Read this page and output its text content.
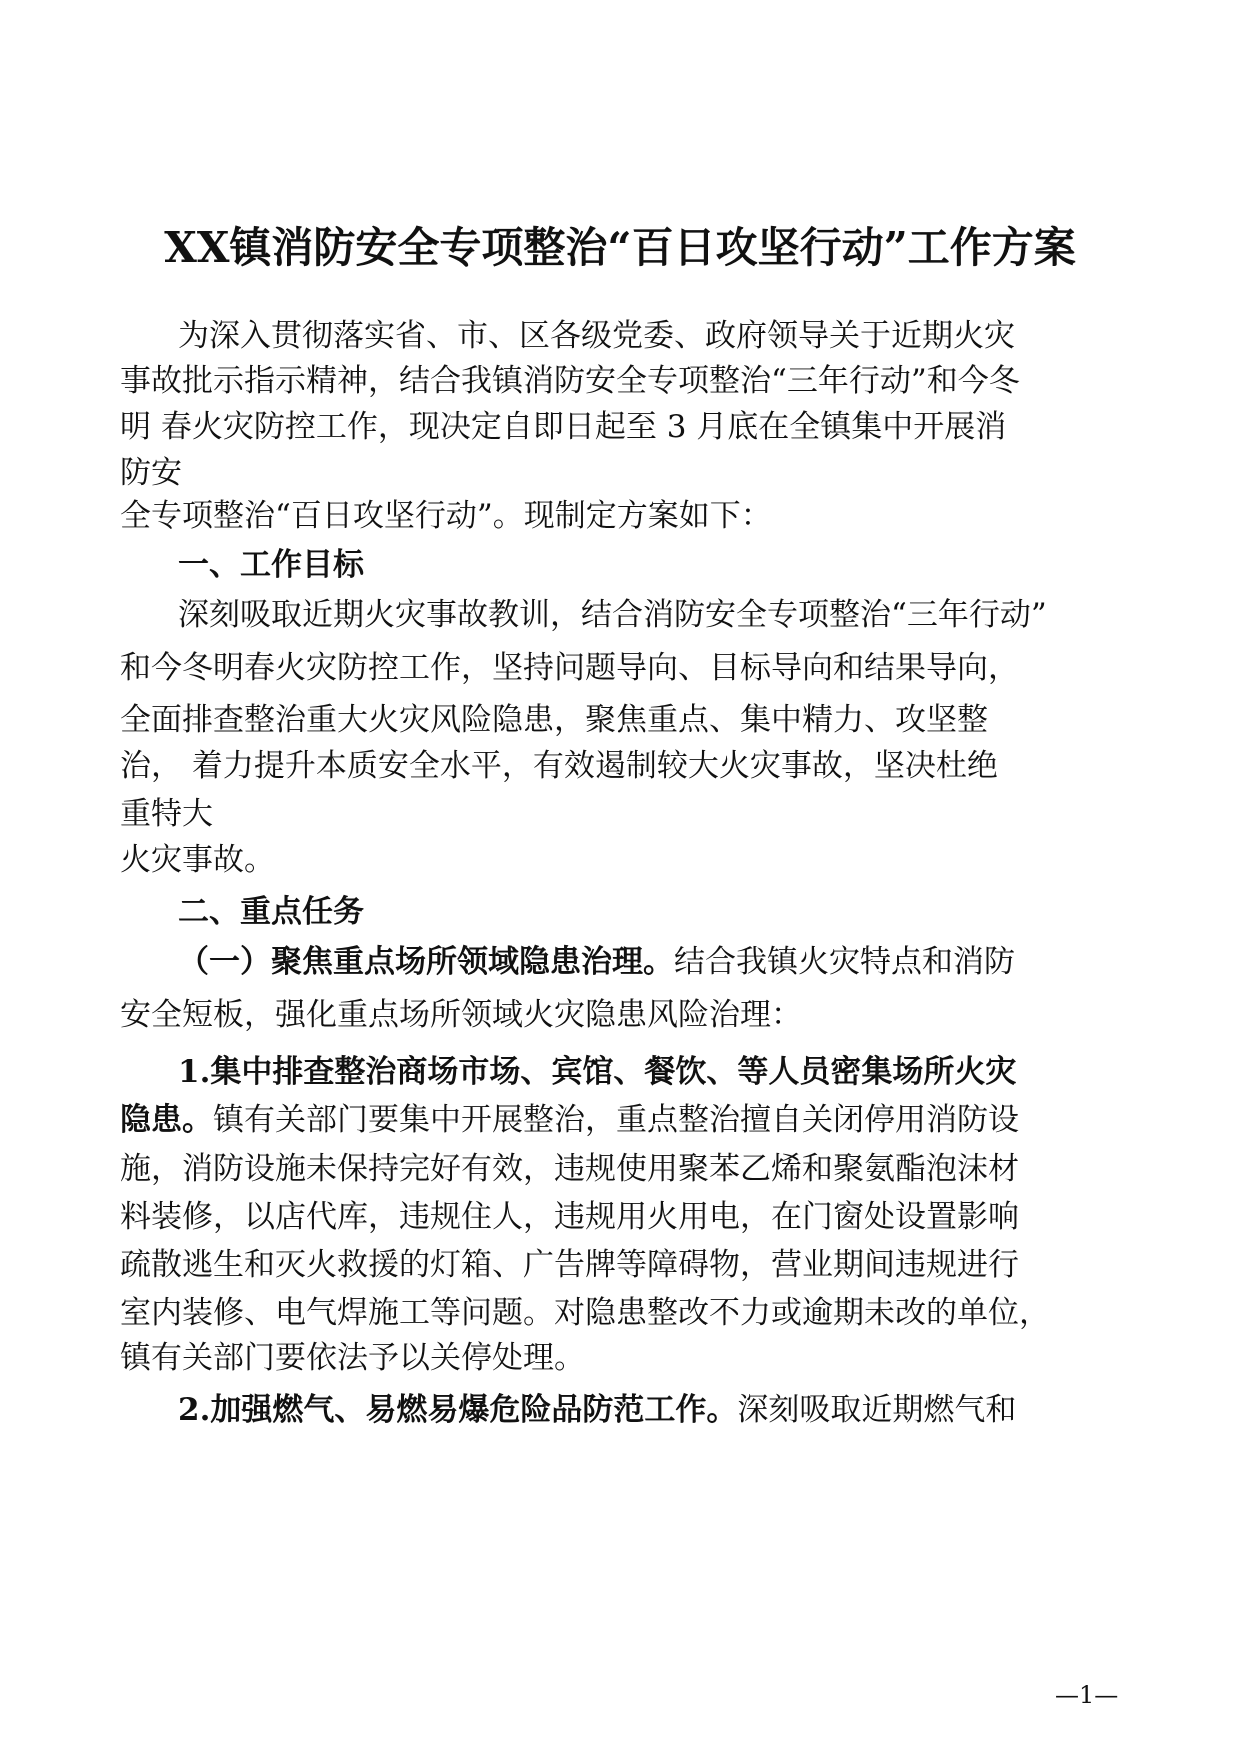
XX镇消防安全专项整治“百日攻坚行动”工作方案

为深入贯彻落实省、市、区各级党委、政府领导关于近期火灾

事故批示指示精神，结合我镇消防安全专项整治“三年行动”和今冬

明 春火灾防控工作，现决定自即日起至 3 月底在全镇集中开展消

防安

全专项整治“百日攻坚行动”。现制定方案如下：

一、工作目标

深刻吸取近期火灾事故教训，结合消防安全专项整治“三年行动”

和今冬明春火灾防控工作，坚持问题导向、目标导向和结果导向，

全面排查整治重大火灾风险隐患，聚焦重点、集中精力、攻坚整

治， 着力提升本质安全水平，有效遏制较大火灾事故，坚决杜绝

重特大

火灾事故。

二、重点任务

（一）聚焦重点场所领域隐患治理。结合我镇火灾特点和消防

安全短板，强化重点场所领域火灾隐患风险治理：

1.集中排查整治商场市场、宾馆、餐饮、等人员密集场所火灾

隐患。镇有关部门要集中开展整治，重点整治擅自关闭停用消防设

施，消防设施未保持完好有效，违规使用聚苯乙烯和聚氨酯泡沫材

料装修，以店代库，违规住人，违规用火用电，在门窗处设置影响

疏散逃生和灭火救援的灯箱、广告牌等障碍物，营业期间违规进行

室内装修、电气焊施工等问题。对隐患整改不力或逾期未改的单位，

镇有关部门要依法予以关停处理。

2.加强燃气、易燃易爆危险品防范工作。深刻吸取近期燃气和

—1—
